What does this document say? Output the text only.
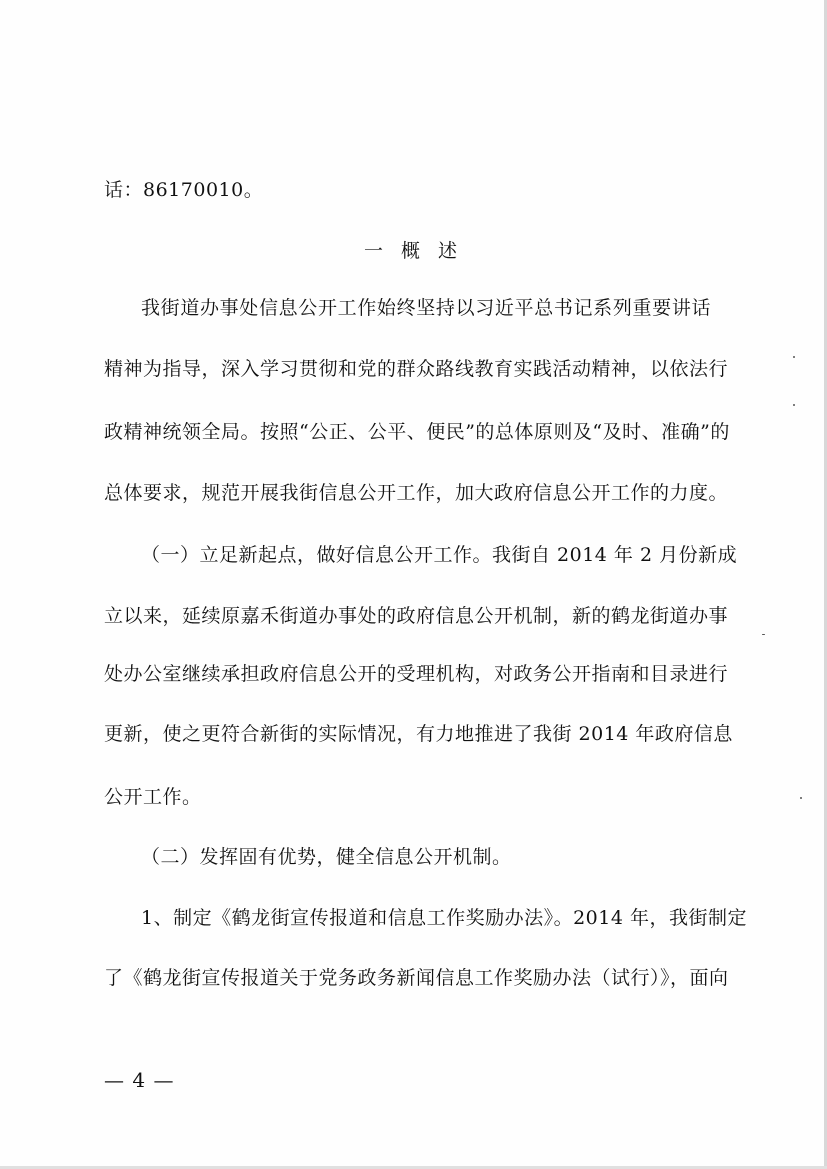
话：86170010。
一 概 述
我街道办事处信息公开工作始终坚持以习近平总书记系列重要讲话
精神为指导，深入学习贯彻和党的群众路线教育实践活动精神，以依法行
政精神统领全局。按照“公正、公平、便民”的总体原则及“及时、准确”的
总体要求，规范开展我街信息公开工作，加大政府信息公开工作的力度。
（一）立足新起点，做好信息公开工作。我街自 2014 年 2 月份新成
立以来，延续原嘉禾街道办事处的政府信息公开机制，新的鹤龙街道办事
处办公室继续承担政府信息公开的受理机构，对政务公开指南和目录进行
更新，使之更符合新街的实际情况，有力地推进了我街 2014 年政府信息
公开工作。
（二）发挥固有优势，健全信息公开机制。
1、制定《鹤龙街宣传报道和信息工作奖励办法》。2014 年，我街制定
了《鹤龙街宣传报道关于党务政务新闻信息工作奖励办法（试行）》，面向
— 4 —
